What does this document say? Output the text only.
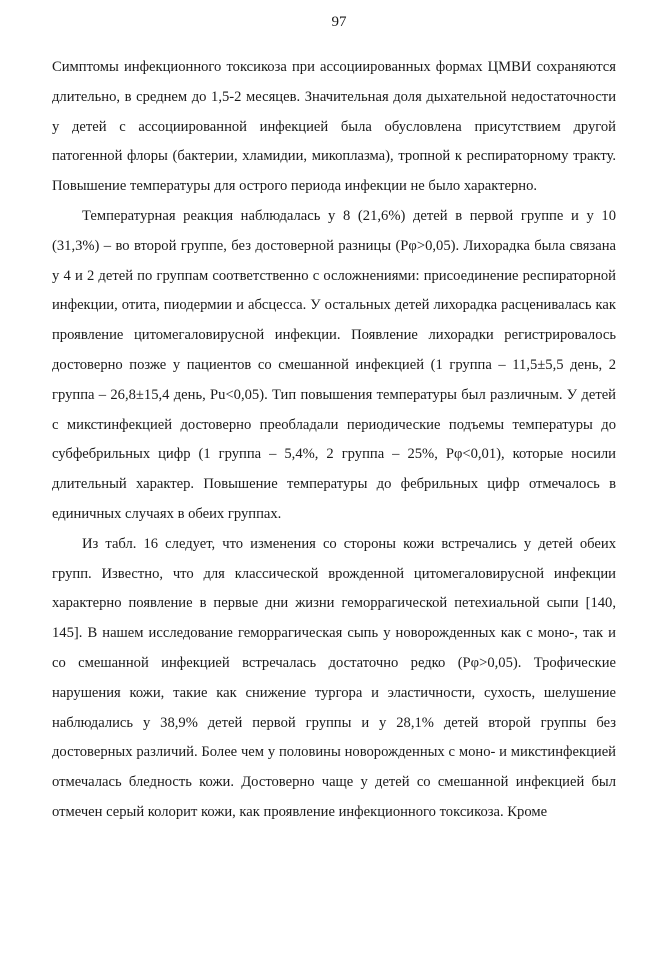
97

Симптомы инфекционного токсикоза при ассоциированных формах ЦМВИ сохраняются длительно, в среднем до 1,5-2 месяцев. Значительная доля дыхательной недостаточности у детей с ассоциированной инфекцией была обусловлена присутствием другой патогенной флоры (бактерии, хламидии, микоплазма), тропной к респираторному тракту. Повышение температуры для острого периода инфекции не было характерно.

Температурная реакция наблюдалась у 8 (21,6%) детей в первой группе и у 10 (31,3%) – во второй группе, без достоверной разницы (Pφ>0,05). Лихорадка была связана у 4 и 2 детей по группам соответственно с осложнениями: присоединение респираторной инфекции, отита, пиодермии и абсцесса. У остальных детей лихорадка расценивалась как проявление цитомегаловирусной инфекции. Появление лихорадки регистрировалось достоверно позже у пациентов со смешанной инфекцией (1 группа – 11,5±5,5 день, 2 группа – 26,8±15,4 день, Pu<0,05). Тип повышения температуры был различным. У детей с микстинфекцией достоверно преобладали периодические подъемы температуры до субфебрильных цифр (1 группа – 5,4%, 2 группа – 25%, Pφ<0,01), которые носили длительный характер. Повышение температуры до фебрильных цифр отмечалось в единичных случаях в обеих группах.

Из табл. 16 следует, что изменения со стороны кожи встречались у детей обеих групп. Известно, что для классической врожденной цитомегаловирусной инфекции характерно появление в первые дни жизни геморрагической петехиальной сыпи [140, 145]. В нашем исследование геморрагическая сыпь у новорожденных как с моно-, так и со смешанной инфекцией встречалась достаточно редко (Pφ>0,05). Трофические нарушения кожи, такие как снижение тургора и эластичности, сухость, шелушение наблюдались у 38,9% детей первой группы и у 28,1% детей второй группы без достоверных различий. Более чем у половины новорожденных с моно- и микстинфекцией отмечалась бледность кожи. Достоверно чаще у детей со смешанной инфекцией был отмечен серый колорит кожи, как проявление инфекционного токсикоза. Кроме
